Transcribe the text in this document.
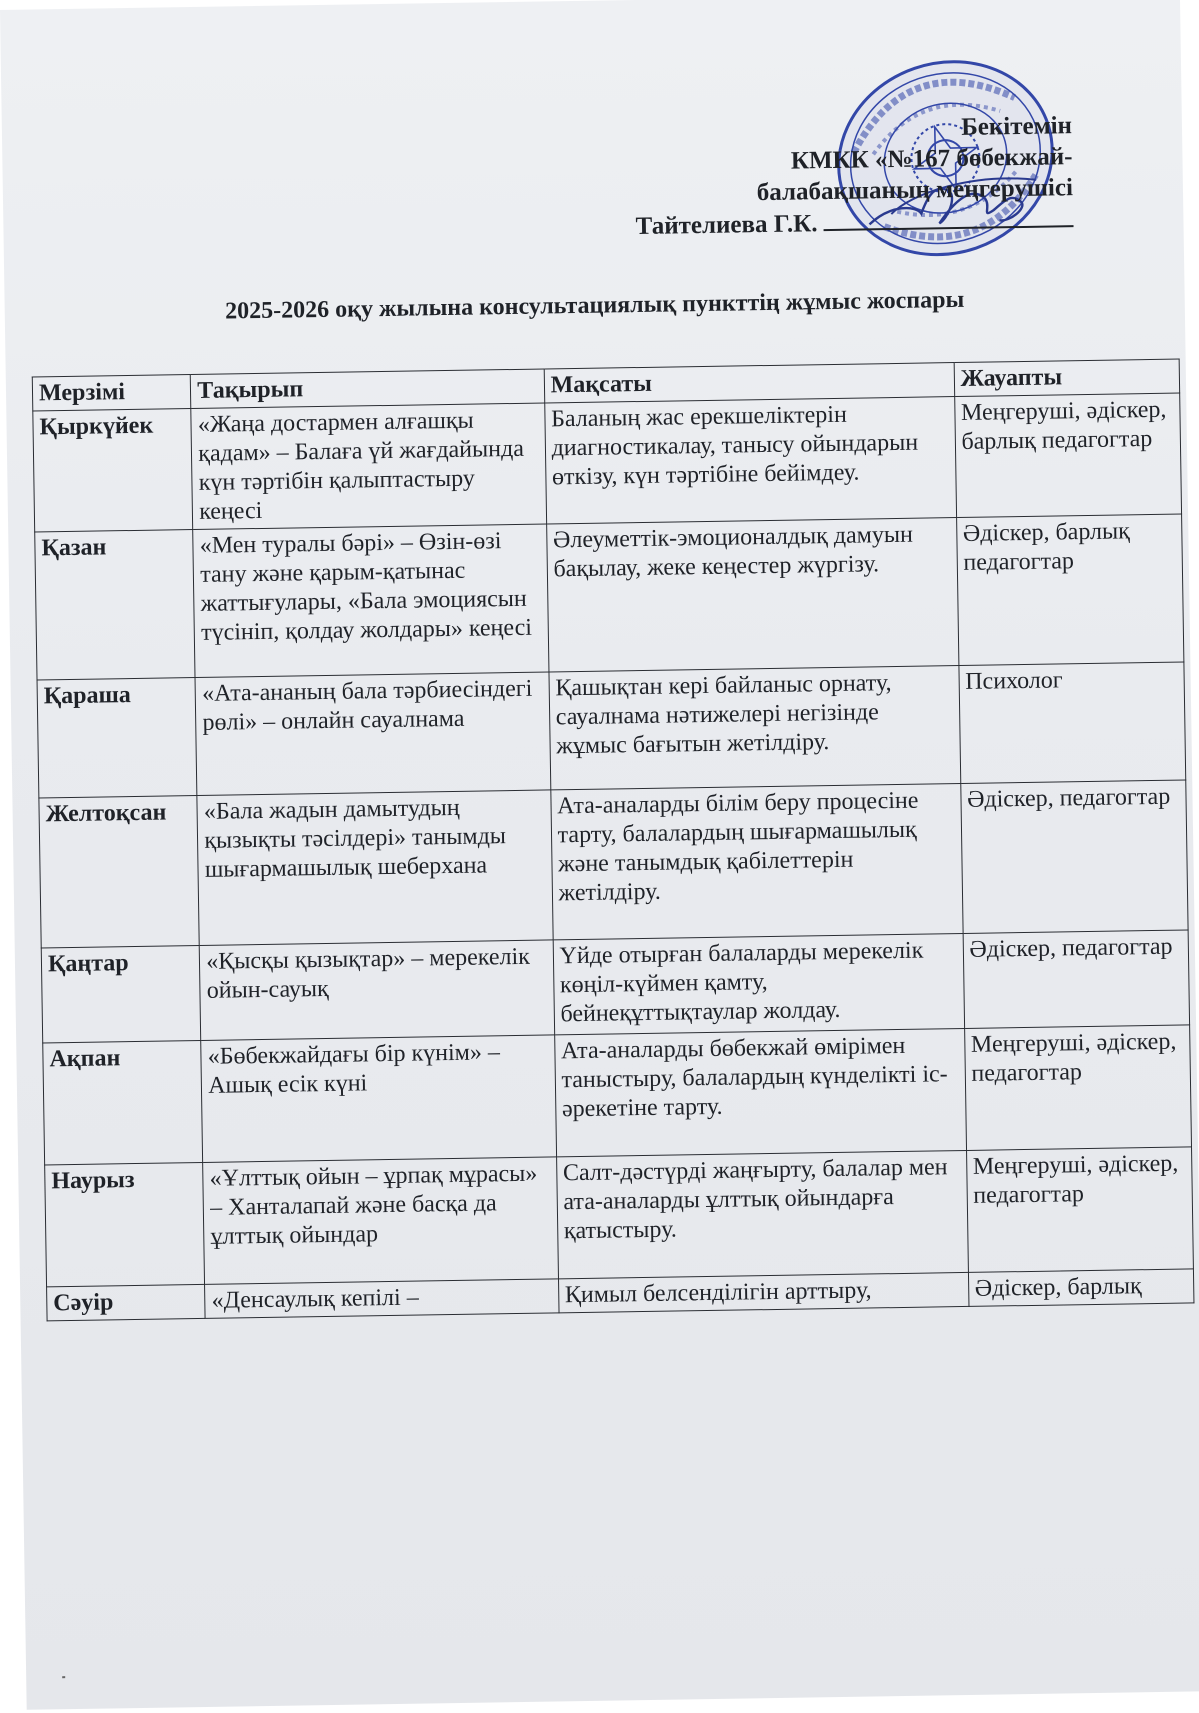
Бекітемін
КМКК «№167 бөбекжай-
балабақшаның меңгерушісі
Тайтелиева Г.К.
2025-2026 оқу жылына консультациялық пункттің жұмыс жоспары
Мерзімі	Тақырып	Мақсаты	Жауапты
Қыркүйек	«Жаңа достармен алғашқы қадам» – Балаға үй жағдайында күн тәртібін қалыптастыру кеңесі	Баланың жас ерекшеліктерін диагностикалау, танысу ойындарын өткізу, күн тәртібіне бейімдеу.	Меңгеруші, әдіскер, барлық педагогтар
Қазан	«Мен туралы бәрі» – Өзін-өзі тану және қарым-қатынас жаттығулары, «Бала эмоциясын түсініп, қолдау жолдары» кеңесі	Әлеуметтік-эмоционалдық дамуын бақылау, жеке кеңестер жүргізу.	Әдіскер, барлық педагогтар
Қараша	«Ата-ананың бала тәрбиесіндегі рөлі» – онлайн сауалнама	Қашықтан кері байланыс орнату, сауалнама нәтижелері негізінде жұмыс бағытын жетілдіру.	Психолог
Желтоқсан	«Бала жадын дамытудың қызықты тәсілдері» танымды шығармашылық шеберхана	Ата-аналарды білім беру процесіне тарту, балалардың шығармашылық және танымдық қабілеттерін жетілдіру.	Әдіскер, педагогтар
Қаңтар	«Қысқы қызықтар» – мерекелік ойын-сауық	Үйде отырған балаларды мерекелік көңіл-күймен қамту, бейнеқұттықтаулар жолдау.	Әдіскер, педагогтар
Ақпан	«Бөбекжайдағы бір күнім» – Ашық есік күні	Ата-аналарды бөбекжай өмірімен таныстыру, балалардың күнделікті іс-әрекетіне тарту.	Меңгеруші, әдіскер, педагогтар
Наурыз	«Ұлттық ойын – ұрпақ мұрасы» – Ханталапай және басқа да ұлттық ойындар	Салт-дәстүрді жаңғырту, балалар мен ата-аналарды ұлттық ойындарға қатыстыру.	Меңгеруші, әдіскер, педагогтар
Сәуір	«Денсаулық кепілі –	Қимыл белсенділігін арттыру,	Әдіскер, барлық
